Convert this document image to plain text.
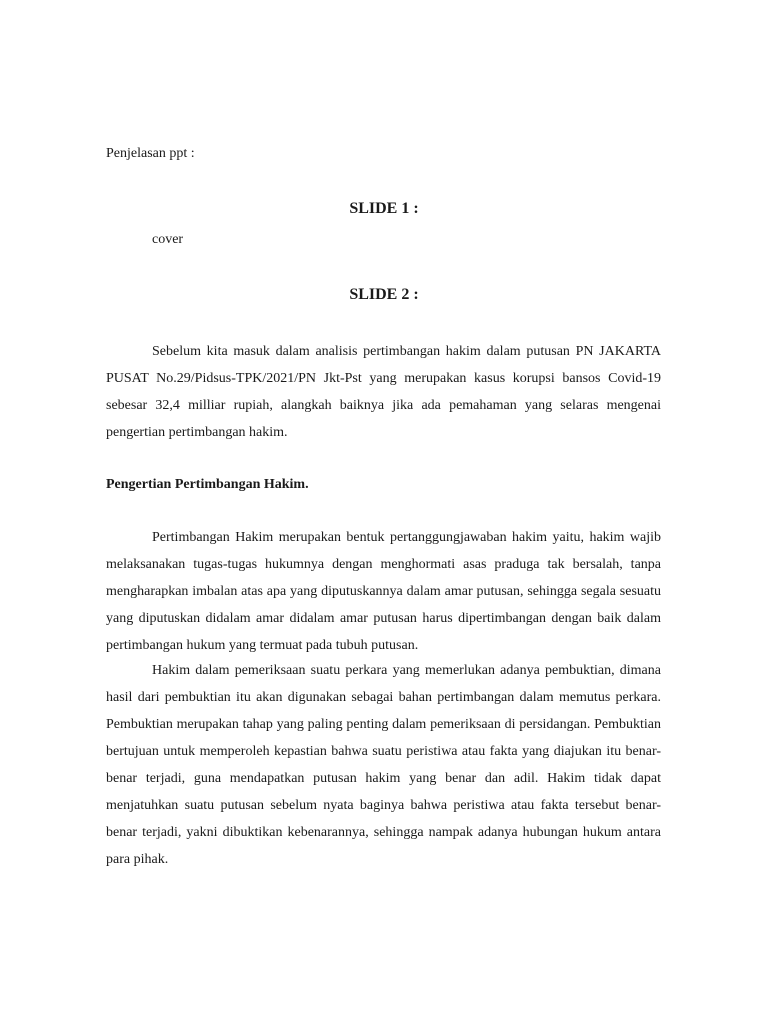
Penjelasan ppt :
SLIDE 1 :
cover
SLIDE 2 :

Sebelum kita masuk dalam analisis pertimbangan hakim dalam putusan PN JAKARTA PUSAT No.29/Pidsus-TPK/2021/PN Jkt-Pst yang merupakan kasus korupsi bansos Covid-19 sebesar 32,4 milliar rupiah, alangkah baiknya jika ada pemahaman yang selaras mengenai pengertian pertimbangan hakim.

Pengertian Pertimbangan Hakim.

Pertimbangan Hakim merupakan bentuk pertanggungjawaban hakim yaitu, hakim wajib melaksanakan tugas-tugas hukumnya dengan menghormati asas praduga tak bersalah, tanpa mengharapkan imbalan atas apa yang diputuskannya dalam amar putusan, sehingga segala sesuatu yang diputuskan didalam amar didalam amar putusan harus dipertimbangan dengan baik dalam pertimbangan hukum yang termuat pada tubuh putusan.

Hakim dalam pemeriksaan suatu perkara yang memerlukan adanya pembuktian, dimana hasil dari pembuktian itu akan digunakan sebagai bahan pertimbangan dalam memutus perkara. Pembuktian merupakan tahap yang paling penting dalam pemeriksaan di persidangan. Pembuktian bertujuan untuk memperoleh kepastian bahwa suatu peristiwa atau fakta yang diajukan itu benar-benar terjadi, guna mendapatkan putusan hakim yang benar dan adil. Hakim tidak dapat menjatuhkan suatu putusan sebelum nyata baginya bahwa peristiwa atau fakta tersebut benar-benar terjadi, yakni dibuktikan kebenarannya, sehingga nampak adanya hubungan hukum antara para pihak.
